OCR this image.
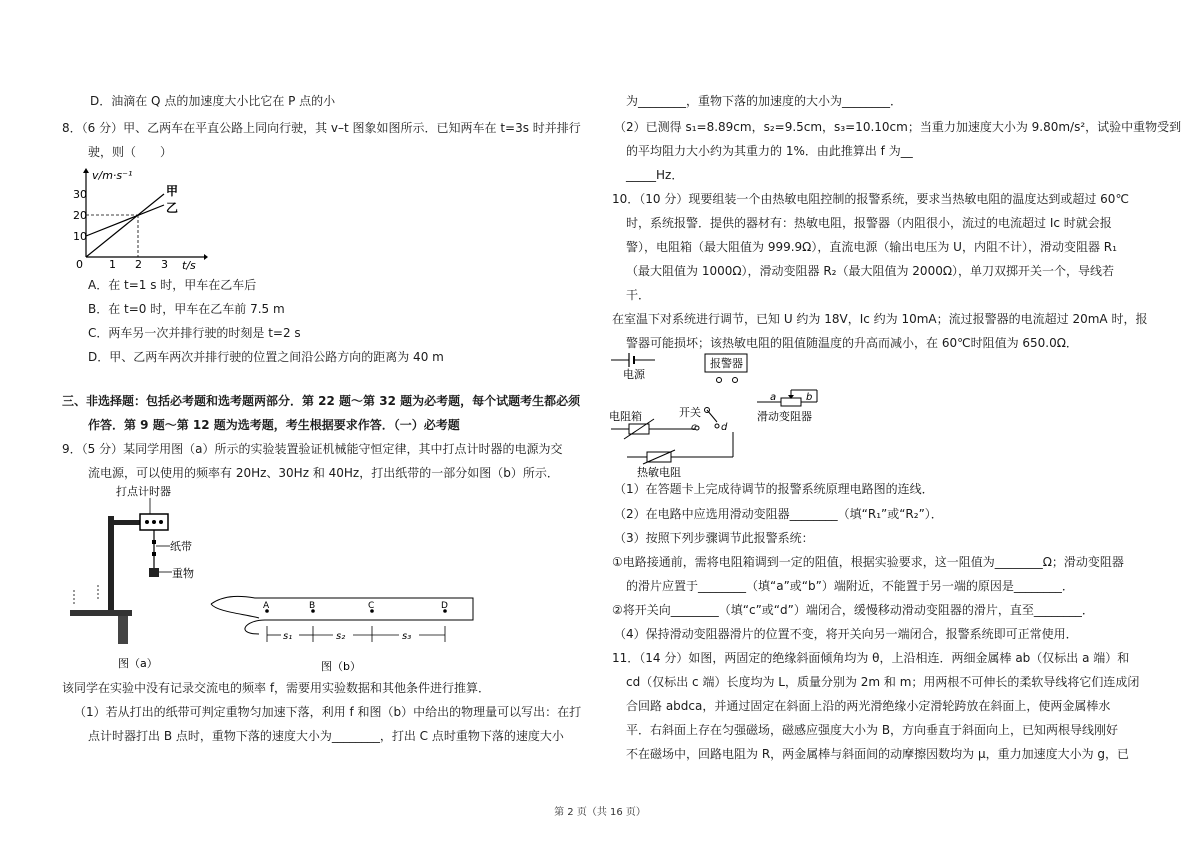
D．油滴在 Q 点的加速度大小比它在 P 点的小
8．（6 分）甲、乙两车在平直公路上同向行驶，其 v–t 图象如图所示．已知两车在 t=3s 时并排行
驶，则（　　）
v/m·s⁻¹
t/s
10
20
30
0 1 2 3
甲
乙
A．在 t=1 s 时，甲车在乙车后
B．在 t=0 时，甲车在乙车前 7.5 m
C．两车另一次并排行驶的时刻是 t=2 s
D．甲、乙两车两次并排行驶的位置之间沿公路方向的距离为 40 m
三、非选择题：包括必考题和选考题两部分．第 22 题～第 32 题为必考题，每个试题考生都必须
作答．第 9 题～第 12 题为选考题，考生根据要求作答．（一）必考题
9．（5 分）某同学用图（a）所示的实验装置验证机械能守恒定律，其中打点计时器的电源为交
流电源，可以使用的频率有 20Hz、30Hz 和 40Hz，打出纸带的一部分如图（b）所示．
打点计时器
纸带
重物
图（a）
A	B	C	D
s₁	s₂	s₃
图（b）
该同学在实验中没有记录交流电的频率 f，需要用实验数据和其他条件进行推算．
（1）若从打出的纸带可判定重物匀加速下落，利用 f 和图（b）中给出的物理量可以写出：在打
点计时器打出 B 点时，重物下落的速度大小为________，打出 C 点时重物下落的速度大小
为________，重物下落的加速度的大小为________．
（2）已测得 s₁=8.89cm，s₂=9.5cm，s₃=10.10cm；当重力加速度大小为 9.80m/s²，试验中重物受到
的平均阻力大小约为其重力的 1%．由此推算出 f 为__
_____Hz．
10．（10 分）现要组装一个由热敏电阻控制的报警系统，要求当热敏电阻的温度达到或超过 60℃
时，系统报警．提供的器材有：热敏电阻，报警器（内阻很小，流过的电流超过 Ic 时就会报
警），电阻箱（最大阻值为 999.9Ω），直流电源（输出电压为 U，内阻不计），滑动变阻器 R₁
（最大阻值为 1000Ω），滑动变阻器 R₂（最大阻值为 2000Ω），单刀双掷开关一个，导线若
干．
在室温下对系统进行调节，已知 U 约为 18V，Ic 约为 10mA；流过报警器的电流超过 20mA 时，报
警器可能损坏；该热敏电阻的阻值随温度的升高而减小，在 60℃时阻值为 650.0Ω．
电源
报警器
a	b
滑动变阻器
开关
c d
电阻箱
热敏电阻
（1）在答题卡上完成待调节的报警系统原理电路图的连线．
（2）在电路中应选用滑动变阻器________（填“R₁”或“R₂”）．
（3）按照下列步骤调节此报警系统：
①电路接通前，需将电阻箱调到一定的阻值，根据实验要求，这一阻值为________Ω；滑动变阻器
的滑片应置于________（填“a”或“b”）端附近，不能置于另一端的原因是________．
②将开关向________（填“c”或“d”）端闭合，缓慢移动滑动变阻器的滑片，直至________．
（4）保持滑动变阻器滑片的位置不变，将开关向另一端闭合，报警系统即可正常使用．
11．（14 分）如图，两固定的绝缘斜面倾角均为 θ，上沿相连．两细金属棒 ab（仅标出 a 端）和
cd（仅标出 c 端）长度均为 L，质量分别为 2m 和 m；用两根不可伸长的柔软导线将它们连成闭
合回路 abdca，并通过固定在斜面上沿的两光滑绝缘小定滑轮跨放在斜面上，使两金属棒水
平．右斜面上存在匀强磁场，磁感应强度大小为 B，方向垂直于斜面向上，已知两根导线刚好
不在磁场中，回路电阻为 R，两金属棒与斜面间的动摩擦因数均为 μ，重力加速度大小为 g，已
第 2 页（共 16 页）
